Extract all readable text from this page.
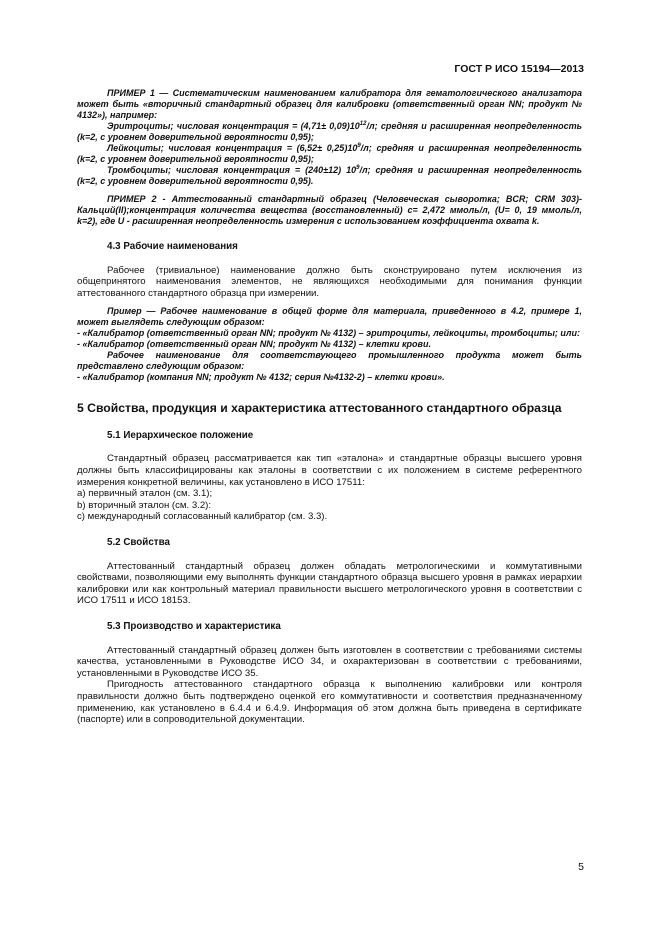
ГОСТ Р ИСО 15194—2013

ПРИМЕР 1 — Систематическим наименованием калибратора для гематологического анализатора может быть «вторичный стандартный образец для калибровки (ответственный орган NN; продукт № 4132»), например:

Эритроциты; числовая концентрация = $(4,71\pm 0,09)10^{12}/л$; средняя и расширенная неопределенность (k=2, с уровнем доверительной вероятности 0,95);

Лейкоциты; числовая концентрация = $(6,52\pm 0,25)10^9/л$; средняя и расширенная неопределенность (k=2, с уровнем доверительной вероятности 0,95);

Тромбоциты; числовая концентрация = (240±12) $10^9/л$; средняя и расширенная неопределенность (k=2, с уровнем доверительной вероятности 0,95).

ПРИМЕР 2 - Аттестованный стандартный образец (Человеческая сыворотка; BCR; CRM 303)- Кальций(II);концентрация количества вещества (восстановленный) с= 2,472 ммоль/л, (U= 0, 19 ммоль/л, k=2), где U - расширенная неопределенность измерения с использованием коэффициента охвата k.

4.3 Рабочие наименования

Рабочее (тривиальное) наименование должно быть сконструировано путем исключения из общепринятого наименования элементов, не являющихся необходимыми для понимания функции аттестованного стандартного образца при измерении.

Пример — Рабочее наименование в общей форме для материала, приведенного в 4.2, примере 1, может выглядеть следующим образом:

- «Калибратор (ответственный орган NN; продукт № 4132) – эритроциты, лейкоциты, тромбоциты; или:

- «Калибратор (ответственный орган NN; продукт № 4132) – клетки крови.

Рабочее наименование для соответствующего промышленного продукта может быть представлено следующим образом:

- «Калибратор (компания NN; продукт № 4132; серия №4132-2) – клетки крови».

5 Свойства, продукция и характеристика аттестованного стандартного образца
5.1 Иерархическое положение

Стандартный образец рассматривается как тип «эталона» и стандартные образцы высшего уровня должны быть классифицированы как эталоны в соответствии с их положением в системе референтного измерения конкретной величины, как установлено в ИСО 17511:

a) первичный эталон (см. 3.1);

b) вторичный эталон (см. 3.2):

c) международный согласованный калибратор (см. 3.3).

5.2 Свойства

Аттестованный стандартный образец должен обладать метрологическими и коммутативными свойствами, позволяющими ему выполнять функции стандартного образца высшего уровня в рамках иерархии калибровки или как контрольный материал правильности высшего метрологического уровня в соответствии с ИСО 17511 и ИСО 18153.

5.3 Производство и характеристика

Аттестованный стандартный образец должен быть изготовлен в соответствии с требованиями системы качества, установленными в Руководстве ИСО 34, и охарактеризован в соответствии с требованиями, установленными в Руководстве ИСО 35.

Пригодность аттестованного стандартного образца к выполнению калибровки или контроля правильности должно быть подтверждено оценкой его коммутативности и соответствия предназначенному применению, как установлено в 6.4.4 и 6.4.9. Информация об этом должна быть приведена в сертификате (паспорте) или в сопроводительной документации.

5
